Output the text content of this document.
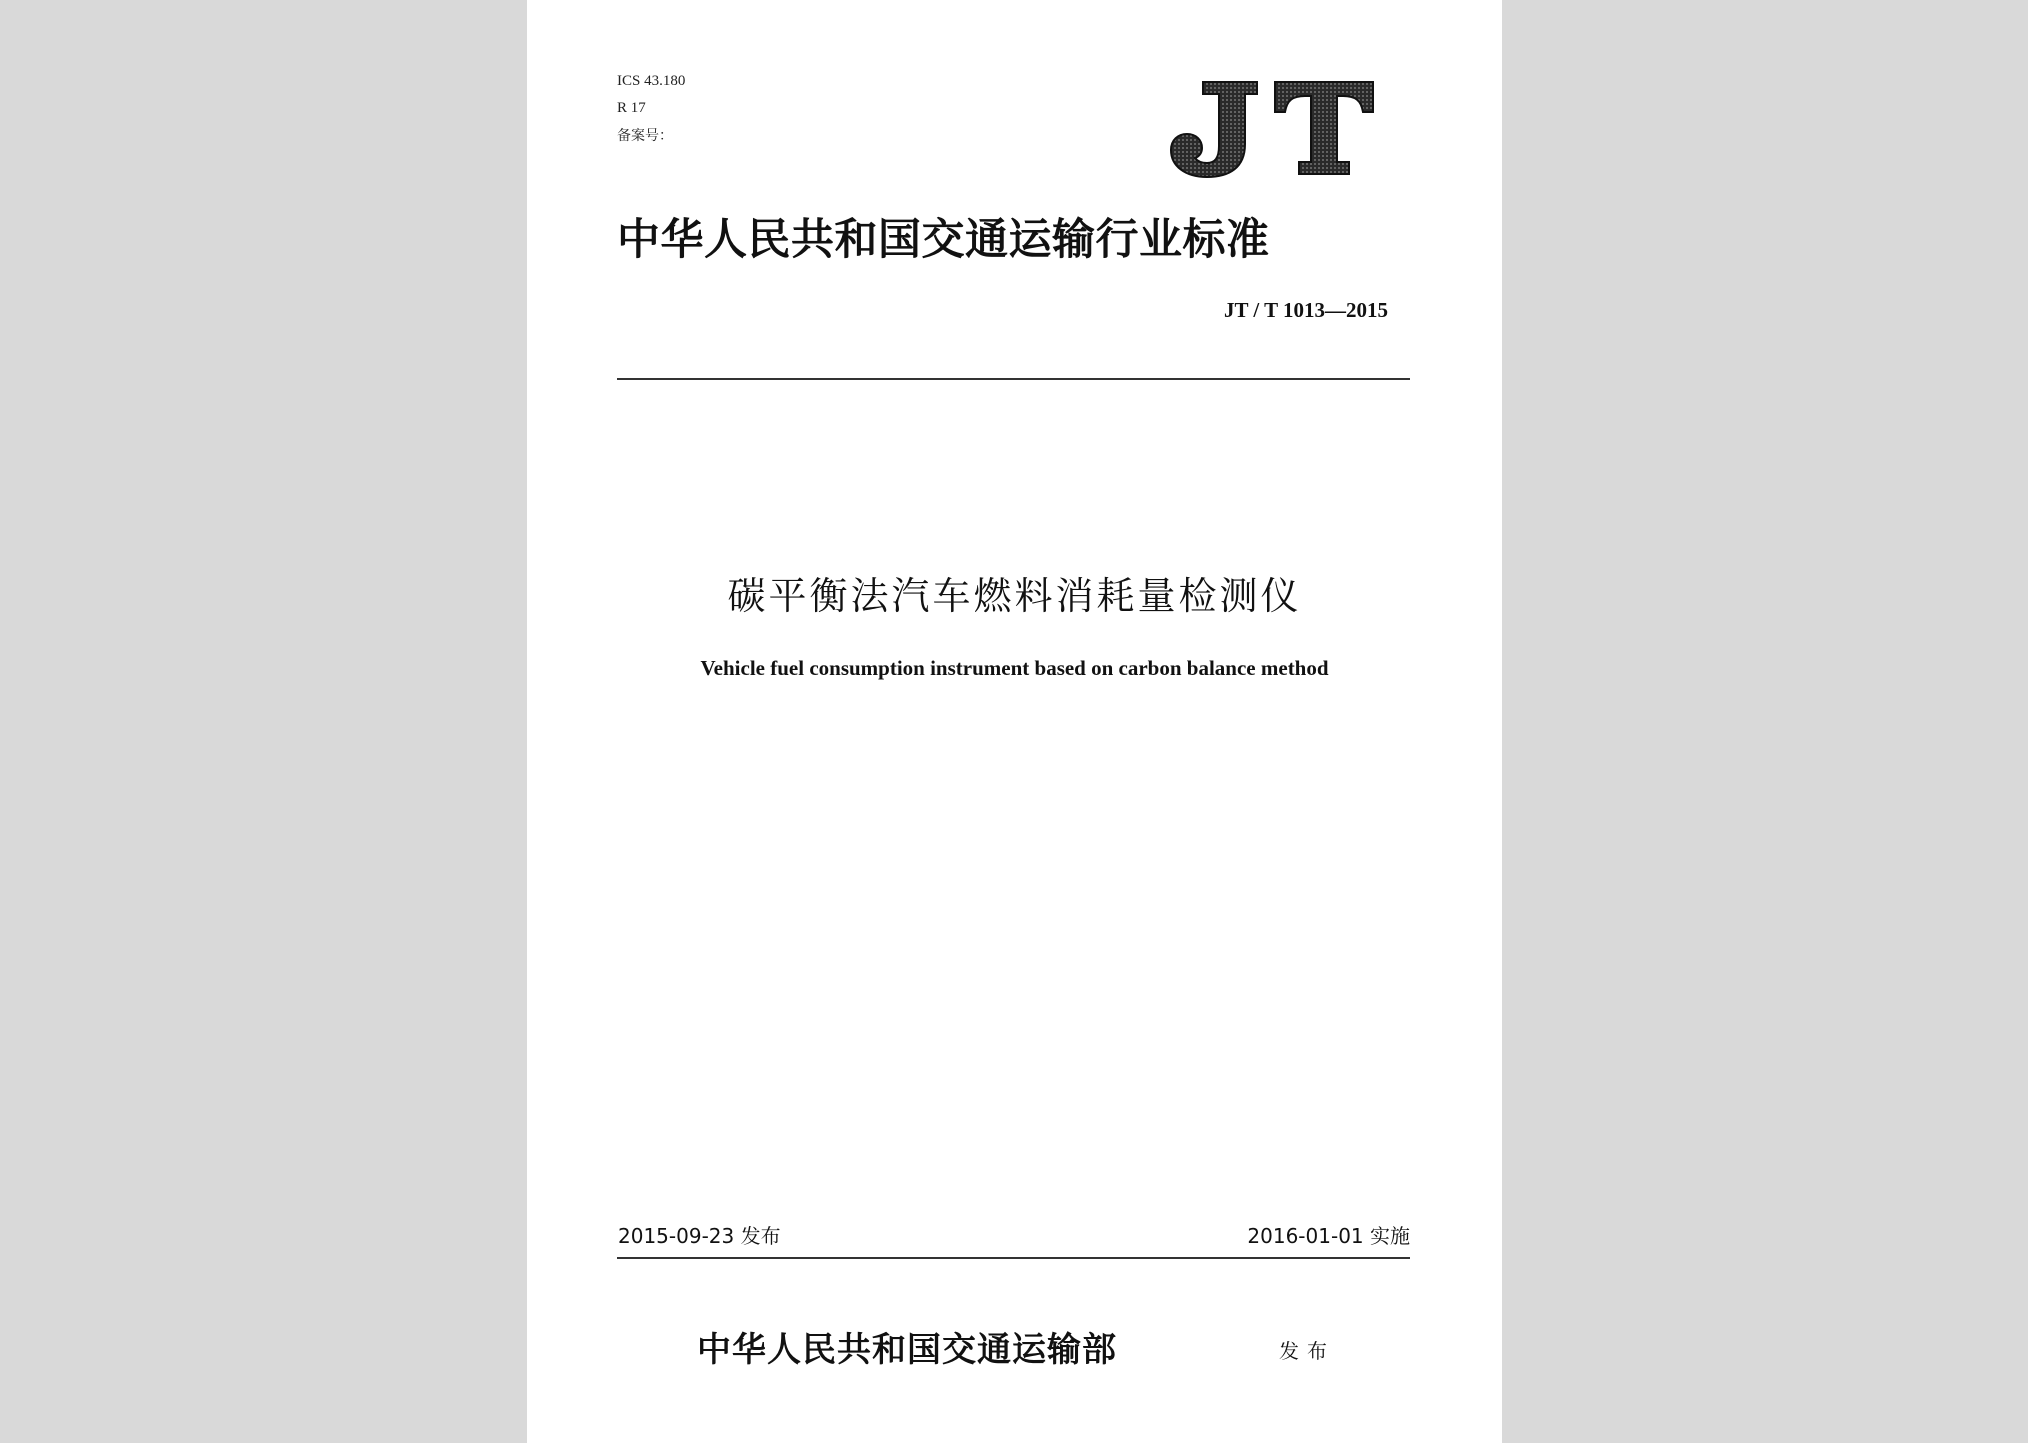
ICS 43.180
R 17
备案号：
中华人民共和国交通运输行业标准
JT / T 1013—2015
碳平衡法汽车燃料消耗量检测仪
Vehicle fuel consumption instrument based on carbon balance method
2015-09-23 发布	2016-01-01 实施
中华人民共和国交通运输部	发布
